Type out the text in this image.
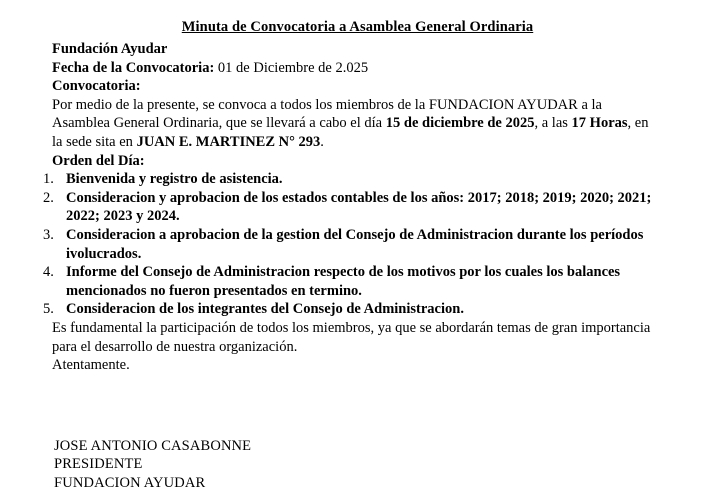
Minuta de Convocatoria a Asamblea General Ordinaria

Fundación Ayudar

Fecha de la Convocatoria: 01 de Diciembre de 2.025

Convocatoria:

Por medio de la presente, se convoca a todos los miembros de la FUNDACION AYUDAR a la Asamblea General Ordinaria, que se llevará a cabo el día 15 de diciembre de 2025, a las 17 Horas, en la sede sita en JUAN E. MARTINEZ N° 293.

Orden del Día:

1. Bienvenida y registro de asistencia.
2. Consideracion y aprobacion de los estados contables de los años: 2017; 2018; 2019; 2020; 2021; 2022; 2023 y 2024.
3. Consideracion a aprobacion de la gestion del Consejo de Administracion durante los períodos ivolucrados.
4. Informe del Consejo de Administracion respecto de los motivos por los cuales los balances mencionados no fueron presentados en termino.
5. Consideracion de los integrantes del Consejo de Administracion.

Es fundamental la participación de todos los miembros, ya que se abordarán temas de gran importancia para el desarrollo de nuestra organización.

Atentamente.

JOSE ANTONIO CASABONNE

PRESIDENTE

FUNDACION AYUDAR
